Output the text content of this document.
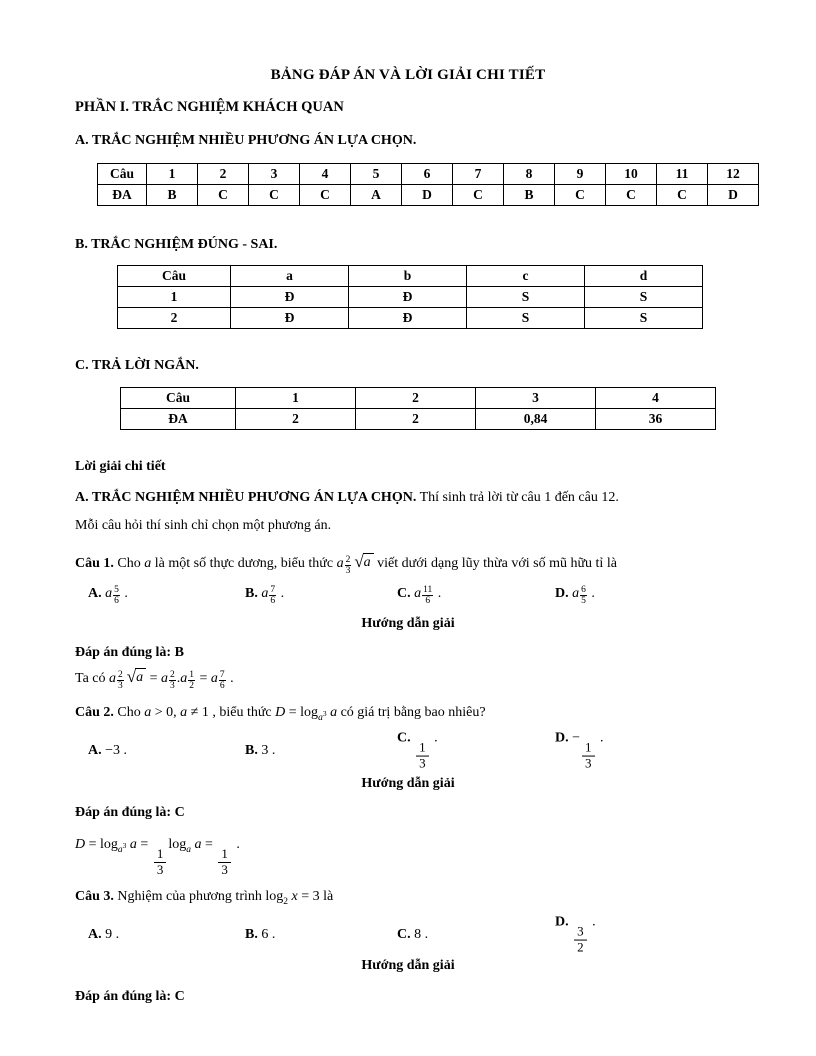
BẢNG ĐÁP ÁN VÀ LỜI GIẢI CHI TIẾT
PHẦN I. TRẮC NGHIỆM KHÁCH QUAN
A. TRẮC NGHIỆM NHIỀU PHƯƠNG ÁN LỰA CHỌN.
Câu	1	2	3	4	5	6	7	8	9	10	11	12
ĐA	B	C	C	C	A	D	C	B	C	C	C	D
B. TRẮC NGHIỆM ĐÚNG - SAI.
Câu	a	b	c	d
1	Đ	Đ	S	S
2	Đ	Đ	S	S
C. TRẢ LỜI NGẮN.
Câu	1	2	3	4
ĐA	2	2	0,84	36
Lời giải chi tiết
A. TRẮC NGHIỆM NHIỀU PHƯƠNG ÁN LỰA CHỌN. Thí sinh trả lời từ câu 1 đến câu 12.
Mỗi câu hỏi thí sinh chỉ chọn một phương án.
Câu 1. Cho a là một số thực dương, biểu thức a $\frac{2}{3}$ √ a viết dưới dạng lũy thừa với số mũ hữu tỉ là
A. a $\frac{5}{6}$ .	B. a $\frac{7}{6}$ .	C. a $\frac{11}{6}$ .	D. a $\frac{6}{5}$ .
Hướng dẫn giải
Đáp án đúng là: B
Ta có a $\frac{2}{3}$ √ a = a $\frac{2}{3} .a \frac{1}{2} = a \frac{7}{6}$ .
Câu 2. Cho a > 0, a ≠ 1 , biểu thức $D = \log_{a^3} a$ có giá trị bằng bao nhiêu?
A. −3 .	B. 3 .
C.
$\frac{1}{3}$
.	D. −
$\frac{1}{3}$
.
Hướng dẫn giải
Đáp án đúng là: C
$D = \log_{a^3} a$ =
$\frac{1}{3}$
$\log_a a$ =
$\frac{1}{3}$
.
Câu 3. Nghiệm của phương trình $\log_2 x = 3$ là
A. 9 .	B. 6 .	C. 8 .
D.
$\frac{3}{2}$
.
Hướng dẫn giải
Đáp án đúng là: C
